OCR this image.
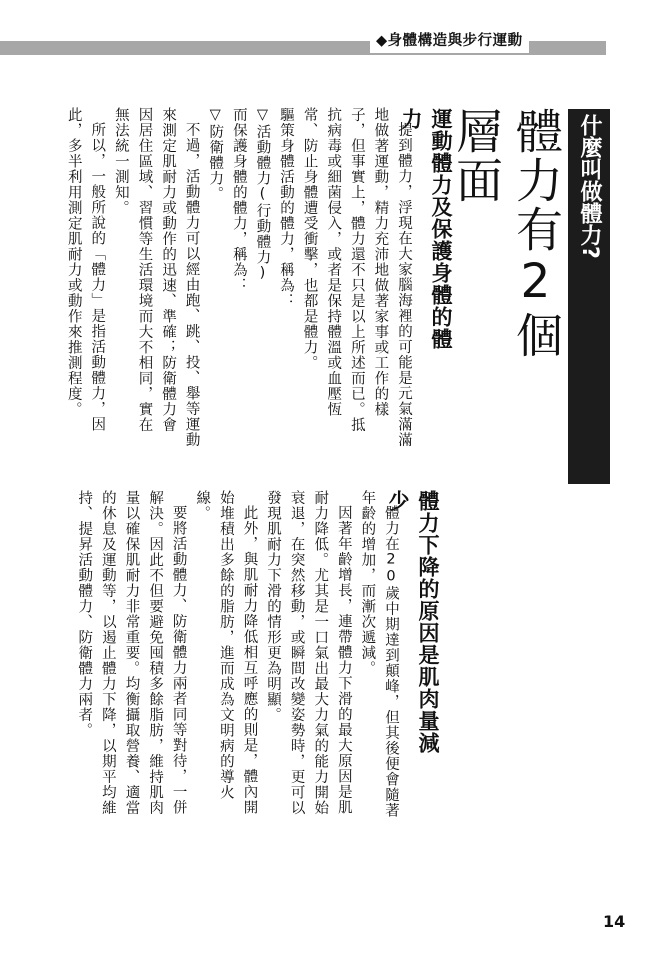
◆身體構造與步行運動
什麼叫做體力?
體力有2個層面
運動體力及保護身體的體力

提到體力，浮現在大家腦海裡的可能是元氣滿滿地做著運動，精力充沛地做著家事或工作的樣子，但事實上，體力還不只是以上所述而已。抵抗病毒或細菌侵入，或者是保持體溫或血壓恆常、防止身體遭受衝擊，也都是體力。

驅策身體活動的體力，稱為：

▽活動體力(行動體力)

而保護身體的體力，稱為：

▽防衛體力。

不過，活動體力可以經由跑、跳、投、舉等運動來測定肌耐力或動作的迅速、準確；防衛體力會因居住區域、習慣等生活環境而大不相同，實在無法統一測知。

所以，一般所說的「體力」是指活動體力，因此，多半利用測定肌耐力或動作來推測程度。

體力下降的原因是肌肉量減少

體力在20歲中期達到顛峰，但其後便會隨著年齡的增加，而漸次遞減。

因著年齡增長，連帶體力下滑的最大原因是肌耐力降低。尤其是一口氣出最大力氣的能力開始衰退，在突然移動，或瞬間改變姿勢時，更可以發現肌耐力下滑的情形更為明顯。

此外，與肌耐力降低相互呼應的則是，體內開始堆積出多餘的脂肪，進而成為文明病的導火線。

要將活動體力、防衛體力兩者同等對待，一併解決。因此不但要避免囤積多餘脂肪，維持肌肉量以確保肌耐力非常重要。均衡攝取營養、適當的休息及運動等，以遏止體力下降，以期平均維持、提昇活動體力、防衛體力兩者。

14
